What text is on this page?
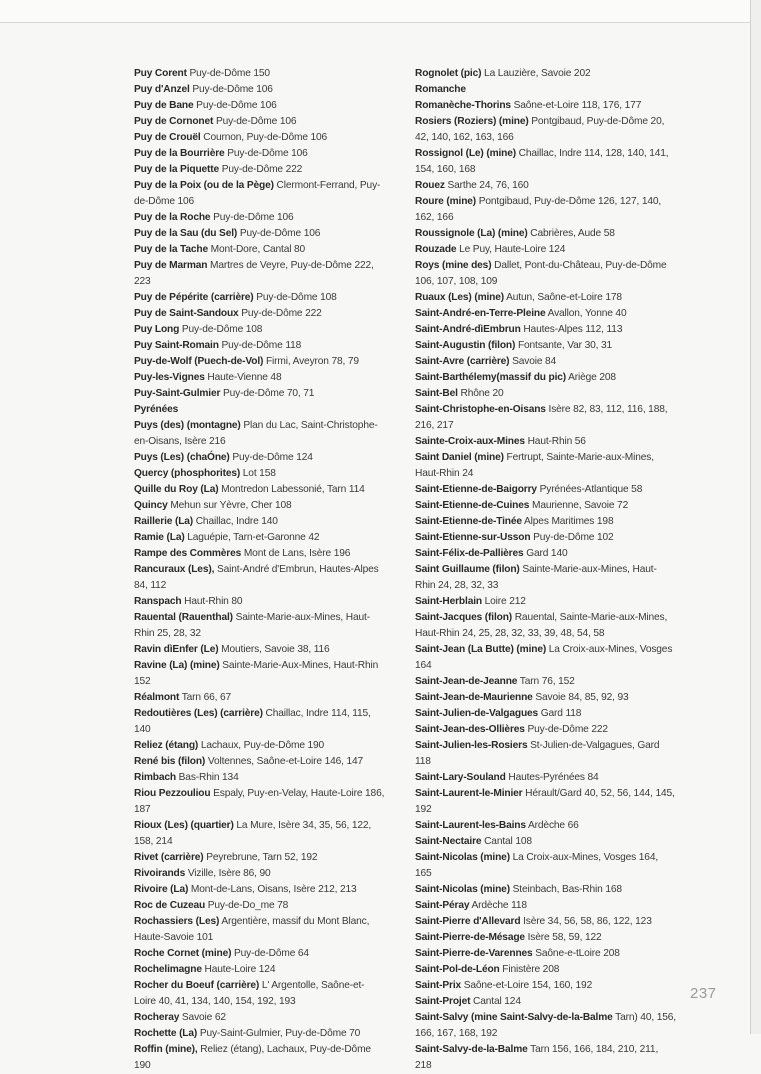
Puy Corent Puy-de-Dôme 150

Puy d'Anzel Puy-de-Dôme 106

Puy de Bane Puy-de-Dôme 106

Puy de Cornonet Puy-de-Dôme 106

Puy de Crouël Cournon, Puy-de-Dôme 106

Puy de la Bourrière Puy-de-Dôme 106

Puy de la Piquette Puy-de-Dôme 222

Puy de la Poix (ou de la Pège) Clermont-Ferrand, Puy-de-Dôme 106

Puy de la Roche Puy-de-Dôme 106

Puy de la Sau (du Sel) Puy-de-Dôme 106

Puy de la Tache Mont-Dore, Cantal 80

Puy de Marman Martres de Veyre, Puy-de-Dôme 222, 223

Puy de Pépérite (carrière) Puy-de-Dôme 108

Puy de Saint-Sandoux Puy-de-Dôme 222

Puy Long Puy-de-Dôme 108

Puy Saint-Romain Puy-de-Dôme 118

Puy-de-Wolf (Puech-de-Vol) Firmi, Aveyron 78, 79

Puy-les-Vignes Haute-Vienne 48

Puy-Saint-Gulmier Puy-de-Dôme 70, 71

Pyrénées

Puys (des) (montagne) Plan du Lac, Saint-Christophe-en-Oisans, Isère 216

Puys (Les) (chaÓne) Puy-de-Dôme 124

Quercy (phosphorites) Lot 158

Quille du Roy (La) Montredon Labessonié, Tarn 114

Quincy Mehun sur Yèvre, Cher 108

Raillerie (La) Chaillac, Indre 140

Ramie (La) Laguépie, Tarn-et-Garonne 42

Rampe des Commères Mont de Lans, Isère 196

Rancuraux (Les), Saint-André d'Embrun, Hautes-Alpes 84, 112

Ranspach Haut-Rhin 80

Rauental (Rauenthal) Sainte-Marie-aux-Mines, Haut-Rhin 25, 28, 32

Ravin dìEnfer (Le) Moutiers, Savoie 38, 116

Ravine (La) (mine) Sainte-Marie-Aux-Mines, Haut-Rhin 152

Réalmont Tarn 66, 67

Redoutières (Les) (carrière) Chaillac, Indre 114, 115, 140

Reliez (étang) Lachaux, Puy-de-Dôme 190

René bis (filon) Voltennes, Saône-et-Loire 146, 147

Rimbach Bas-Rhin 134

Riou Pezzouliou Espaly, Puy-en-Velay, Haute-Loire 186, 187

Rioux (Les) (quartier) La Mure, Isère 34, 35, 56, 122, 158, 214

Rivet (carrière) Peyrebrune, Tarn 52, 192

Rivoirands Vizille, Isère 86, 90

Rivoire (La) Mont-de-Lans, Oisans, Isère 212, 213

Roc de Cuzeau Puy-de-Do_me 78

Rochassiers (Les) Argentière, massif du Mont Blanc, Haute-Savoie 101

Roche Cornet (mine) Puy-de-Dôme 64

Rochelimagne Haute-Loire 124

Rocher du Boeuf (carrière) L' Argentolle, Saône-et-Loire 40, 41, 134, 140, 154, 192, 193

Rocheray Savoie 62

Rochette (La) Puy-Saint-Gulmier, Puy-de-Dôme 70

Roffin (mine), Reliez (étang), Lachaux, Puy-de-Dôme 190

Rognolet (pic) La Lauzière, Savoie 202

Romanche

Romanèche-Thorins Saône-et-Loire 118, 176, 177

Rosiers (Roziers) (mine) Pontgibaud, Puy-de-Dôme 20, 42, 140, 162, 163, 166

Rossignol (Le) (mine) Chaillac, Indre 114, 128, 140, 141, 154, 160, 168

Rouez Sarthe 24, 76, 160

Roure (mine) Pontgibaud, Puy-de-Dôme 126, 127, 140, 162, 166

Roussignole (La) (mine) Cabrières, Aude 58

Rouzade Le Puy, Haute-Loire 124

Roys (mine des) Dallet, Pont-du-Château, Puy-de-Dôme 106, 107, 108, 109

Ruaux (Les) (mine) Autun, Saône-et-Loire 178

Saint-André-en-Terre-Pleine Avallon, Yonne 40

Saint-André-dìEmbrun Hautes-Alpes 112, 113

Saint-Augustin (filon) Fontsante, Var 30, 31

Saint-Avre (carrière) Savoie 84

Saint-Barthélemy(massif du pic) Ariège 208

Saint-Bel Rhône 20

Saint-Christophe-en-Oisans Isère 82, 83, 112, 116, 188, 216, 217

Sainte-Croix-aux-Mines Haut-Rhin 56

Saint Daniel (mine) Fertrupt, Sainte-Marie-aux-Mines, Haut-Rhin 24

Saint-Etienne-de-Baigorry Pyrénées-Atlantique 58

Saint-Etienne-de-Cuines Maurienne, Savoie 72

Saint-Etienne-de-Tinée Alpes Maritimes 198

Saint-Etienne-sur-Usson Puy-de-Dôme 102

Saint-Félix-de-Pallières Gard 140

Saint Guillaume (filon) Sainte-Marie-aux-Mines, Haut-Rhin 24, 28, 32, 33

Saint-Herblain Loire 212

Saint-Jacques (filon) Rauental, Sainte-Marie-aux-Mines, Haut-Rhin 24, 25, 28, 32, 33, 39, 48, 54, 58

Saint-Jean (La Butte) (mine) La Croix-aux-Mines, Vosges 164

Saint-Jean-de-Jeanne Tarn 76, 152

Saint-Jean-de-Maurienne Savoie 84, 85, 92, 93

Saint-Julien-de-Valgagues Gard 118

Saint-Jean-des-Ollières Puy-de-Dôme 222

Saint-Julien-les-Rosiers St-Julien-de-Valgagues, Gard 118

Saint-Lary-Souland Hautes-Pyrénées 84

Saint-Laurent-le-Minier Hérault/Gard 40, 52, 56, 144, 145, 192

Saint-Laurent-les-Bains Ardèche 66

Saint-Nectaire Cantal 108

Saint-Nicolas (mine) La Croix-aux-Mines, Vosges 164, 165

Saint-Nicolas (mine) Steinbach, Bas-Rhin 168

Saint-Péray Ardèche 118

Saint-Pierre d'Allevard Isère 34, 56, 58, 86, 122, 123

Saint-Pierre-de-Mésage Isère 58, 59, 122

Saint-Pierre-de-Varennes Saône-e-tLoire 208

Saint-Pol-de-Léon Finistère 208

Saint-Prix Saône-et-Loire 154, 160, 192

Saint-Projet Cantal 124

Saint-Salvy (mine Saint-Salvy-de-la-Balme Tarn) 40, 156, 166, 167, 168, 192

Saint-Salvy-de-la-Balme Tarn 156, 166, 184, 210, 211, 218

237
